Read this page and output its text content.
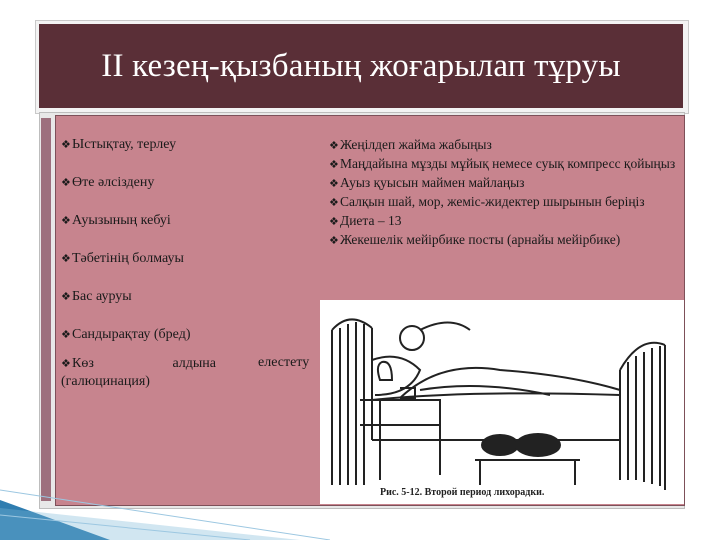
II кезең-қызбаның жоғарылап тұруы

❖Ыстықтау, терлеу

❖Өте әлсіздену

❖Ауызының кебуі

❖Тәбетінің болмауы

❖Бас ауруы

❖Сандырақтау (бред)

❖Көз	алдына
(галюцинация)
елестету

❖Жеңілдеп жайма жабыңыз

❖Маңдайына мұзды мұйық немесе суық компресс қойыңыз

❖Ауыз қуысын маймен майлаңыз

❖Салқын шай, мор, жеміс-жидектер шырынын беріңіз

❖Диета – 13

❖Жекешелік мейірбике посты (арнайы мейірбике)

Рис. 5-12. Второй период лихорадки.
